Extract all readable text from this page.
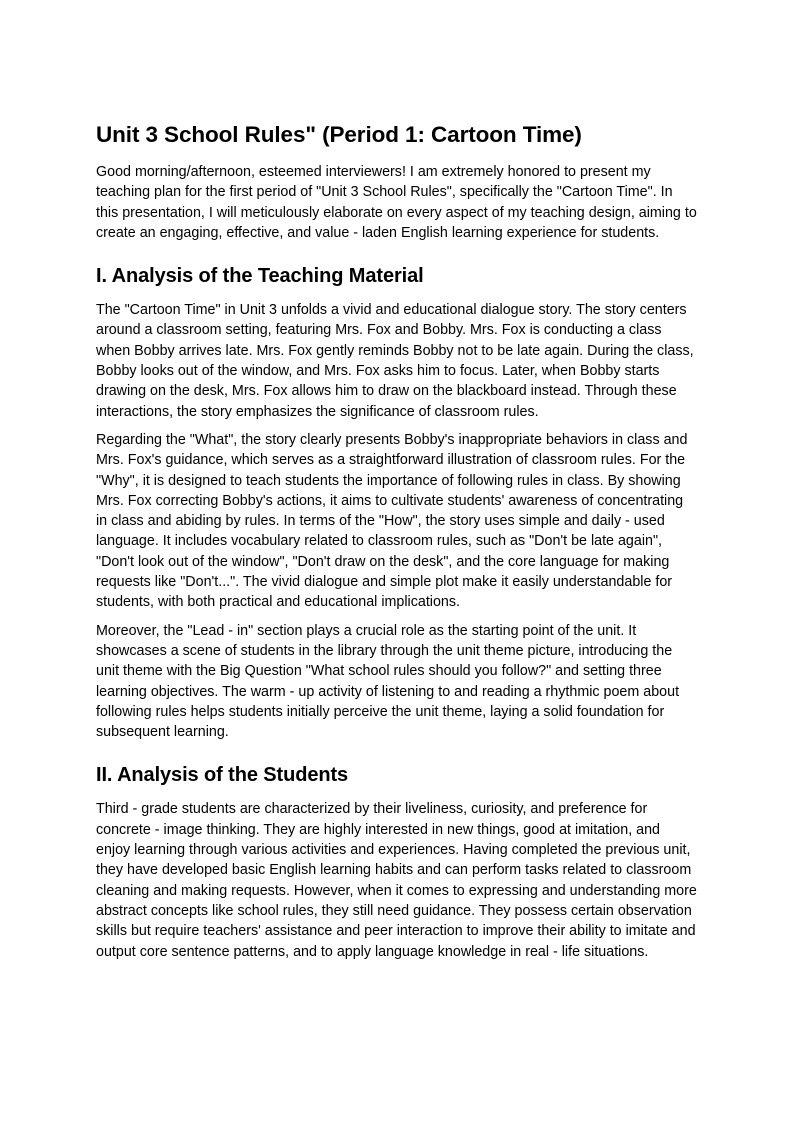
Unit 3 School Rules" (Period 1: Cartoon Time)

Good morning/afternoon, esteemed interviewers! I am extremely honored to present my teaching plan for the first period of "Unit 3 School Rules", specifically the "Cartoon Time". In this presentation, I will meticulously elaborate on every aspect of my teaching design, aiming to create an engaging, effective, and value - laden English learning experience for students.

I. Analysis of the Teaching Material

The "Cartoon Time" in Unit 3 unfolds a vivid and educational dialogue story. The story centers around a classroom setting, featuring Mrs. Fox and Bobby. Mrs. Fox is conducting a class when Bobby arrives late. Mrs. Fox gently reminds Bobby not to be late again. During the class, Bobby looks out of the window, and Mrs. Fox asks him to focus. Later, when Bobby starts drawing on the desk, Mrs. Fox allows him to draw on the blackboard instead. Through these interactions, the story emphasizes the significance of classroom rules.

Regarding the "What", the story clearly presents Bobby's inappropriate behaviors in class and Mrs. Fox's guidance, which serves as a straightforward illustration of classroom rules. For the "Why", it is designed to teach students the importance of following rules in class. By showing Mrs. Fox correcting Bobby's actions, it aims to cultivate students' awareness of concentrating in class and abiding by rules. In terms of the "How", the story uses simple and daily - used language. It includes vocabulary related to classroom rules, such as "Don't be late again", "Don't look out of the window", "Don't draw on the desk", and the core language for making requests like "Don't...". The vivid dialogue and simple plot make it easily understandable for students, with both practical and educational implications.

Moreover, the "Lead - in" section plays a crucial role as the starting point of the unit. It showcases a scene of students in the library through the unit theme picture, introducing the unit theme with the Big Question "What school rules should you follow?" and setting three learning objectives. The warm - up activity of listening to and reading a rhythmic poem about following rules helps students initially perceive the unit theme, laying a solid foundation for subsequent learning.

II. Analysis of the Students

Third - grade students are characterized by their liveliness, curiosity, and preference for concrete - image thinking. They are highly interested in new things, good at imitation, and enjoy learning through various activities and experiences. Having completed the previous unit, they have developed basic English learning habits and can perform tasks related to classroom cleaning and making requests. However, when it comes to expressing and understanding more abstract concepts like school rules, they still need guidance. They possess certain observation skills but require teachers' assistance and peer interaction to improve their ability to imitate and output core sentence patterns, and to apply language knowledge in real - life situations.
